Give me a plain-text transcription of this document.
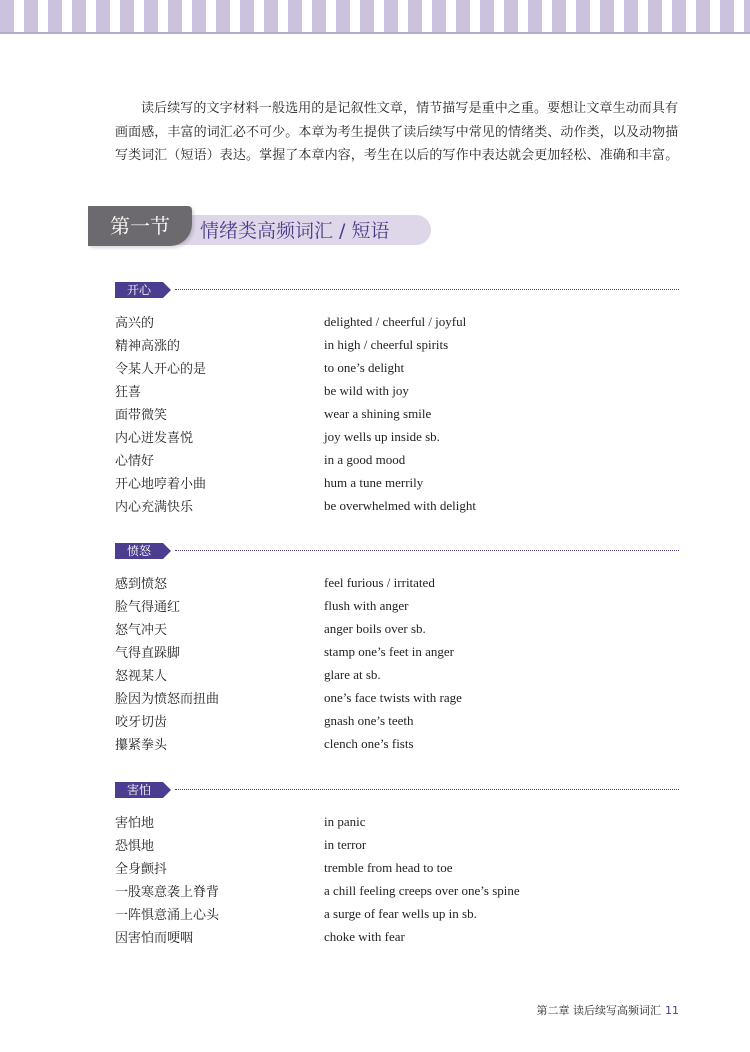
读后续写的文字材料一般选用的是记叙性文章，情节描写是重中之重。要想让文章生动而具有画面感，丰富的词汇必不可少。本章为考生提供了读后续写中常见的情绪类、动作类，以及动物描写类词汇（短语）表达。掌握了本章内容，考生在以后的写作中表达就会更加轻松、准确和丰富。

第一节	情绪类高频词汇 / 短语
开心
高兴的	delighted / cheerful / joyful
精神高涨的	in high / cheerful spirits
令某人开心的是	to one’s delight
狂喜	be wild with joy
面带微笑	wear a shining smile
内心迸发喜悦	joy wells up inside sb.
心情好	in a good mood
开心地哼着小曲	hum a tune merrily
内心充满快乐	be overwhelmed with delight
愤怒
感到愤怒	feel furious / irritated
脸气得通红	flush with anger
怒气冲天	anger boils over sb.
气得直跺脚	stamp one’s feet in anger
怒视某人	glare at sb.
脸因为愤怒而扭曲	one’s face twists with rage
咬牙切齿	gnash one’s teeth
攥紧拳头	clench one’s fists
害怕
害怕地	in panic
恐惧地	in terror
全身颤抖	tremble from head to toe
一股寒意袭上脊背	a chill feeling creeps over one’s spine
一阵惧意涌上心头	a surge of fear wells up in sb.
因害怕而哽咽	choke with fear
第二章 读后续写高频词汇 11
